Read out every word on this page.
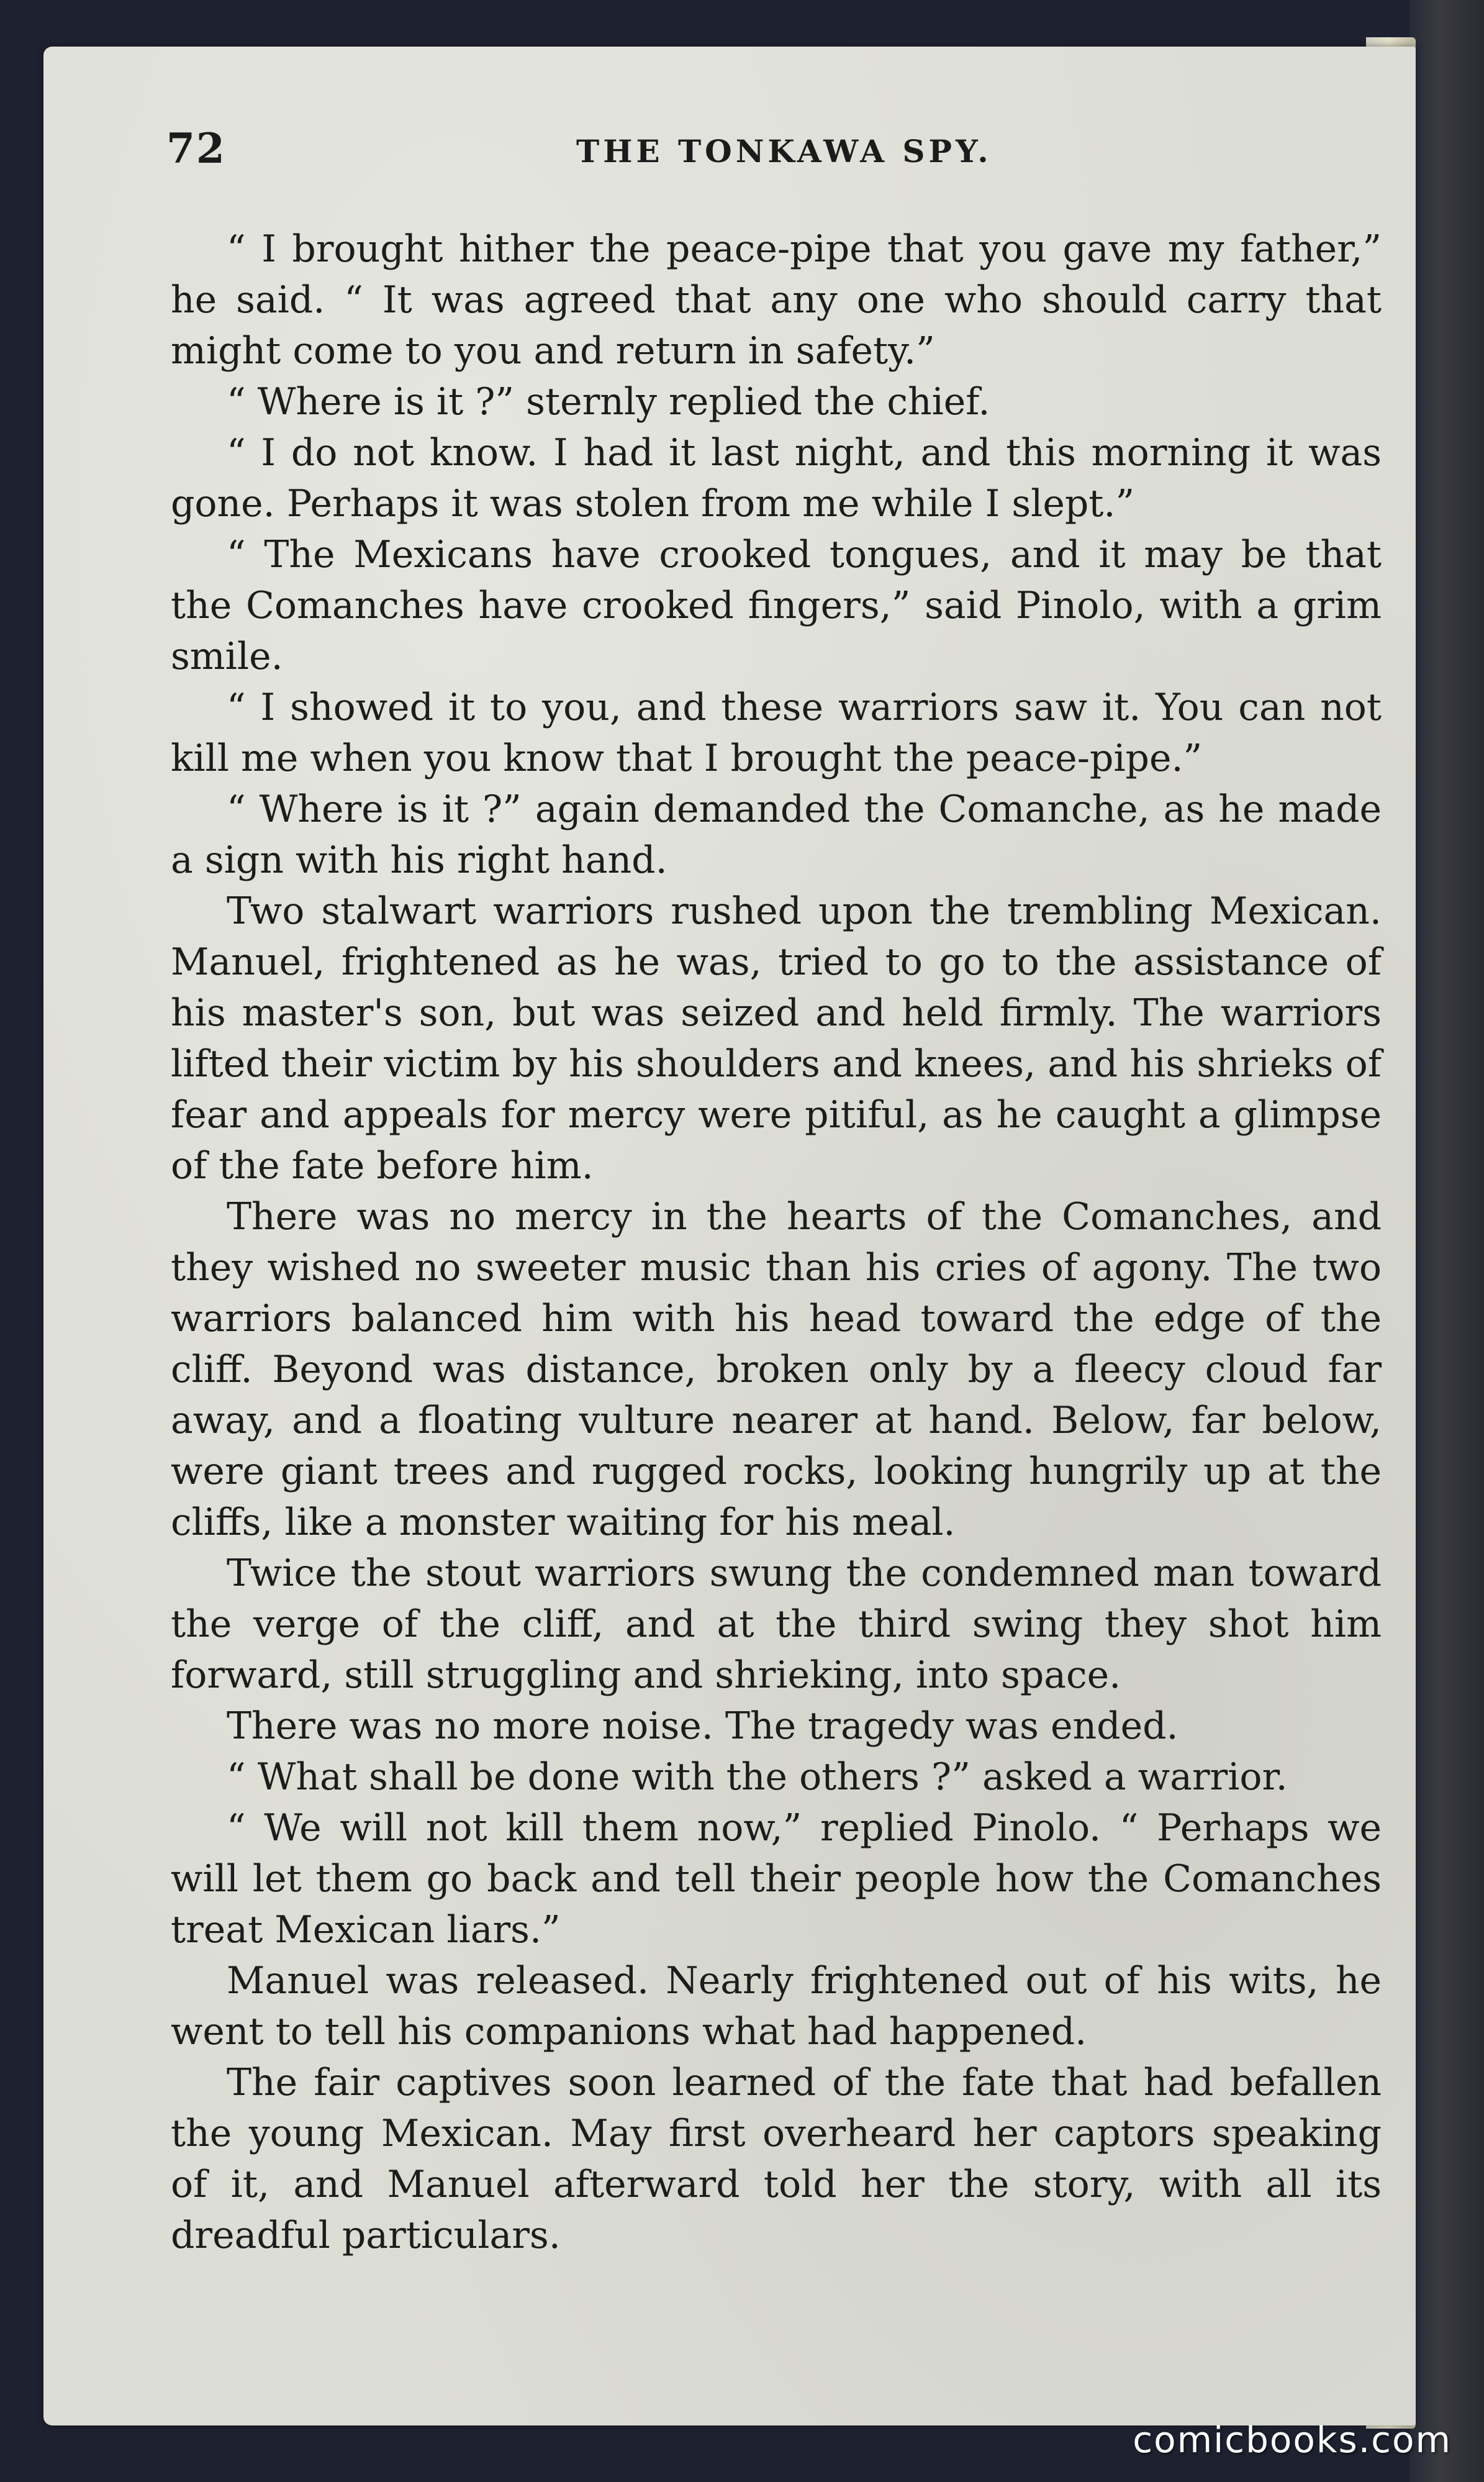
72	THE TONKAWA SPY.

“ I brought hither the peace-pipe that you gave my father,” he said. “ It was agreed that any one who should carry that might come to you and return in safety.”

“ Where is it ?” sternly replied the chief.

“ I do not know. I had it last night, and this morning it was gone. Perhaps it was stolen from me while I slept.”

“ The Mexicans have crooked tongues, and it may be that the Comanches have crooked fingers,” said Pinolo, with a grim smile.

“ I showed it to you, and these warriors saw it. You can not kill me when you know that I brought the peace-pipe.”

“ Where is it ?” again demanded the Comanche, as he made a sign with his right hand.

Two stalwart warriors rushed upon the trembling Mexican. Manuel, frightened as he was, tried to go to the assistance of his master's son, but was seized and held firmly. The warriors lifted their victim by his shoulders and knees, and his shrieks of fear and appeals for mercy were pitiful, as he caught a glimpse of the fate before him.

There was no mercy in the hearts of the Comanches, and they wished no sweeter music than his cries of agony. The two warriors balanced him with his head toward the edge of the cliff. Beyond was distance, broken only by a fleecy cloud far away, and a floating vulture nearer at hand. Below, far below, were giant trees and rugged rocks, looking hungrily up at the cliffs, like a monster waiting for his meal.

Twice the stout warriors swung the condemned man toward the verge of the cliff, and at the third swing they shot him forward, still struggling and shrieking, into space.

There was no more noise. The tragedy was ended.

“ What shall be done with the others ?” asked a warrior.

“ We will not kill them now,” replied Pinolo. “ Perhaps we will let them go back and tell their people how the Comanches treat Mexican liars.”

Manuel was released. Nearly frightened out of his wits, he went to tell his companions what had happened.

The fair captives soon learned of the fate that had befallen the young Mexican. May first overheard her captors speaking of it, and Manuel afterward told her the story, with all its dreadful particulars.

comicbooks.com
